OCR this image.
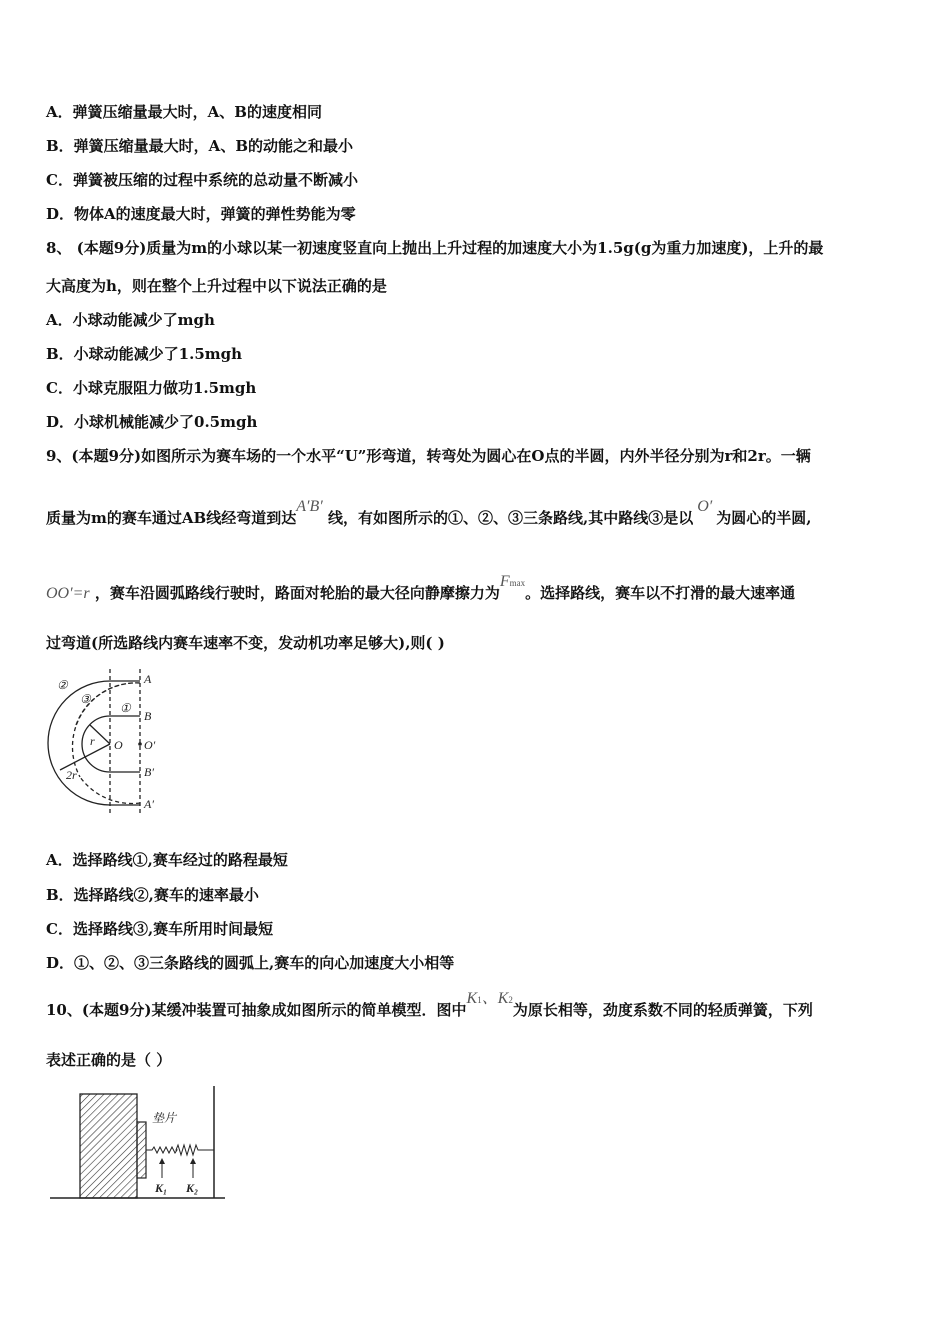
A．弹簧压缩量最大时，A、B的速度相同
B．弹簧压缩量最大时，A、B的动能之和最小
C．弹簧被压缩的过程中系统的总动量不断减小
D．物体A的速度最大时，弹簧的弹性势能为零
8、 (本题9分)质量为m的小球以某一初速度竖直向上抛出上升过程的加速度大小为1.5g(g为重力加速度)，上升的最
大高度为h，则在整个上升过程中以下说法正确的是
A．小球动能减少了mgh
B．小球动能减少了1.5mgh
C．小球克服阻力做功1.5mgh
D．小球机械能减少了0.5mgh
9、(本题9分)如图所示为赛车场的一个水平“U”形弯道，转弯处为圆心在O点的半圆，内外半径分别为r和2r。一辆
质量为m的赛车通过AB线经弯道到达A′B′ 线，有如图所示的①、②、③三条路线,其中路线③是以O′为圆心的半圆,
OO′=r ，赛车沿圆弧路线行驶时，路面对轮胎的最大径向静摩擦力为Fmax。选择路线，赛车以不打滑的最大速率通
过弯道(所选路线内赛车速率不变，发动机功率足够大),则( )
A
B
O O′
B′
A′
r
2r
①
②
③
A．选择路线①,赛车经过的路程最短
B．选择路线②,赛车的速率最小
C．选择路线③,赛车所用时间最短
D．①、②、③三条路线的圆弧上,赛车的向心加速度大小相等
10、(本题9分)某缓冲装置可抽象成如图所示的简单模型．图中K1、K2为原长相等，劲度系数不同的轻质弹簧，下列
表述正确的是（ ）
垫片
K₁ K₂
